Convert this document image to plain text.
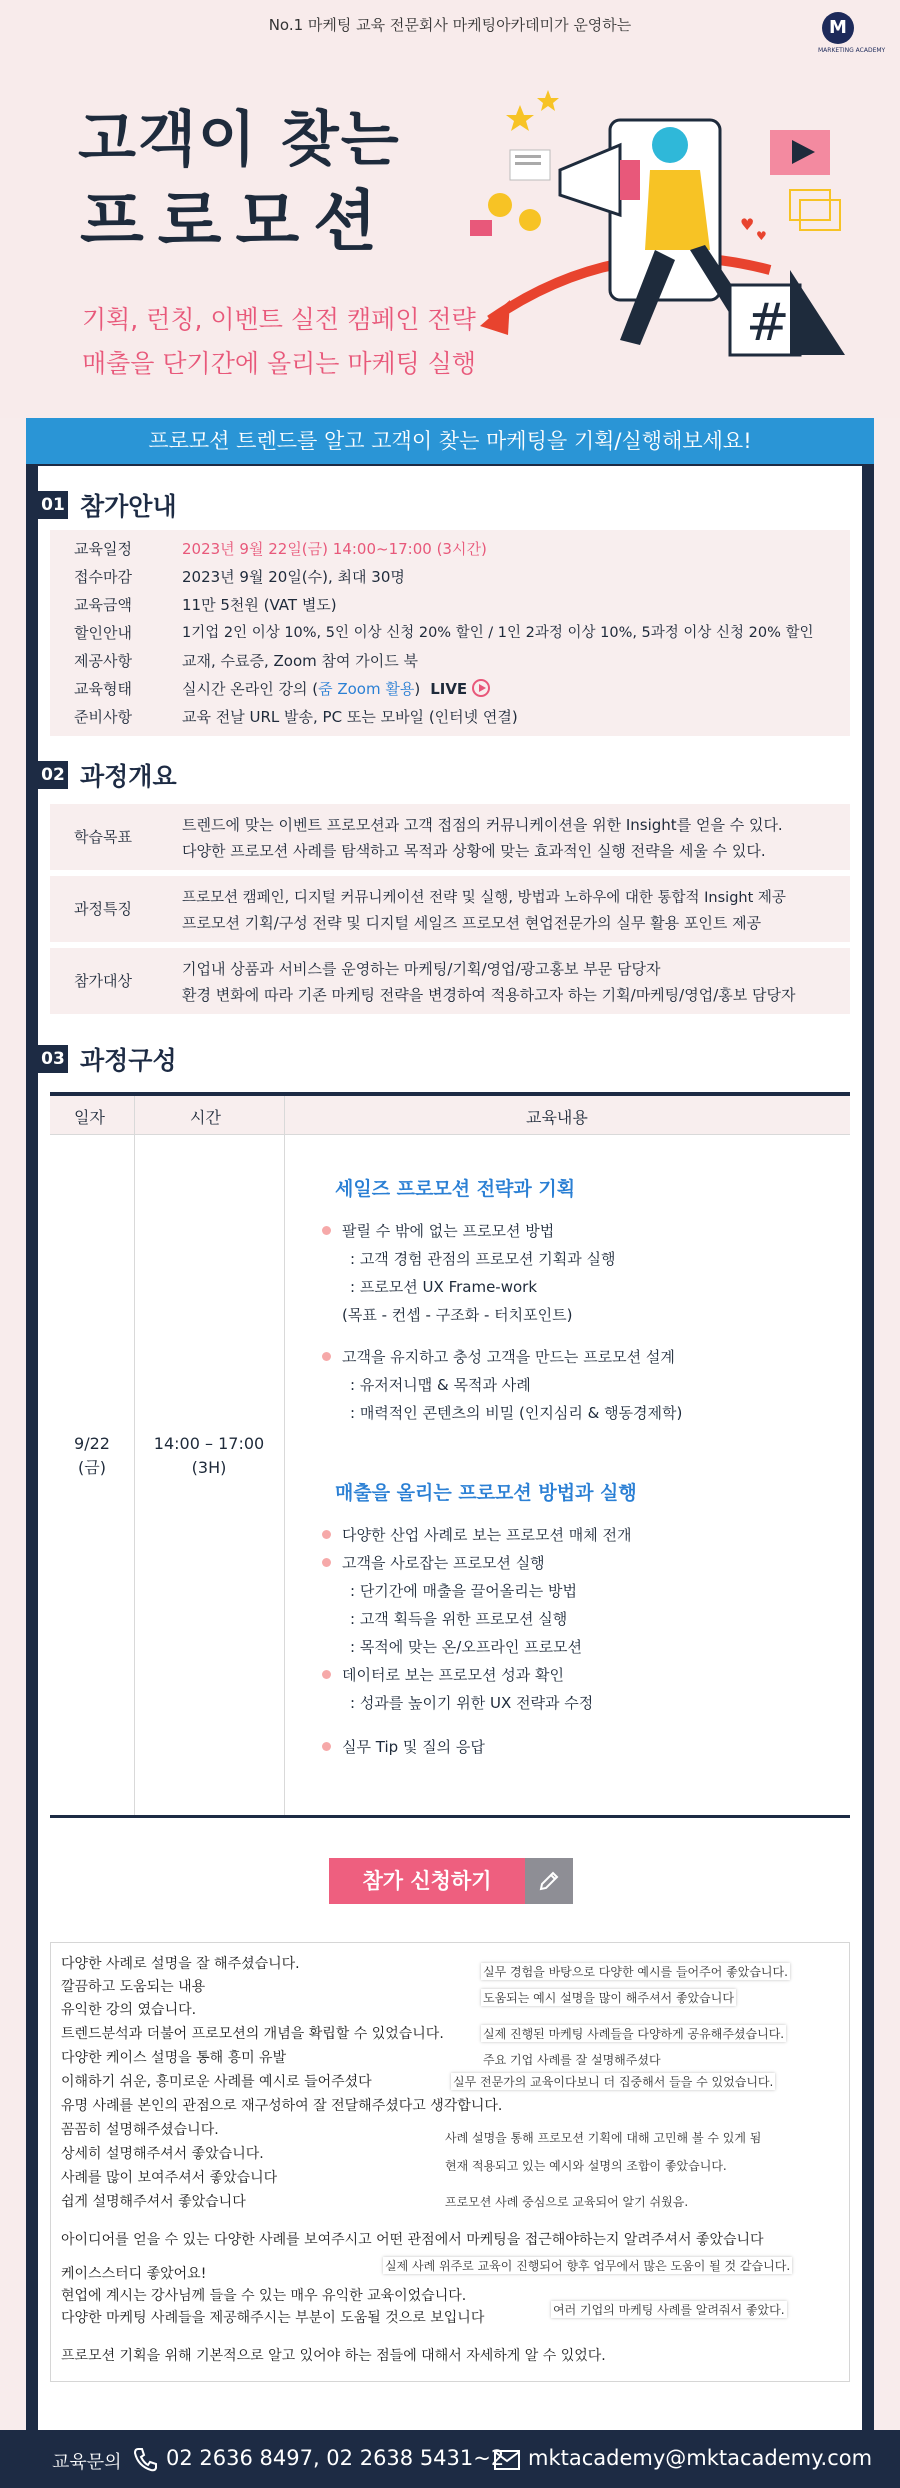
No.1 마케팅 교육 전문회사 마케팅아카데미가 운영하는	M
MARKETING ACADEMY
고객이 찾는
프로모션
기획, 런칭, 이벤트 실전 캠페인 전략
매출을 단기간에 올리는 마케팅 실행
♥
♥
#
프로모션 트렌드를 알고 고객이 찾는 마케팅을 기획/실행해보세요!
01 참가안내
교육일정	2023년 9월 22일(금) 14:00~17:00 (3시간)
접수마감	2023년 9월 20일(수), 최대 30명
교육금액	11만 5천원 (VAT 별도)
할인안내	1기업 2인 이상 10%, 5인 이상 신청 20% 할인 / 1인 2과정 이상 10%, 5과정 이상 신청 20% 할인
제공사항	교재, 수료증, Zoom 참여 가이드 북
교육형태	실시간 온라인 강의 (줌 Zoom 활용) LIVE
준비사항	교육 전날 URL 발송, PC 또는 모바일 (인터넷 연결)
02 과정개요
학습목표
트렌드에 맞는 이벤트 프로모션과 고객 접점의 커뮤니케이션을 위한 Insight를 얻을 수 있다.
다양한 프로모션 사례를 탐색하고 목적과 상황에 맞는 효과적인 실행 전략을 세울 수 있다.
과정특징
프로모션 캠페인, 디지털 커뮤니케이션 전략 및 실행, 방법과 노하우에 대한 통합적 Insight 제공
프로모션 기획/구성 전략 및 디지털 세일즈 프로모션 현업전문가의 실무 활용 포인트 제공
참가대상
기업내 상품과 서비스를 운영하는 마케팅/기획/영업/광고홍보 부문 담당자
환경 변화에 따라 기존 마케팅 전략을 변경하여 적용하고자 하는 기획/마케팅/영업/홍보 담당자
03 과정구성
일자	시간	교육내용
9/22
(금)
14:00 – 17:00
(3H)
세일즈 프로모션 전략과 기획
팔릴 수 밖에 없는 프로모션 방법
: 고객 경험 관점의 프로모션 기획과 실행
: 프로모션 UX Frame-work
(목표 - 컨셉 - 구조화 - 터치포인트)
고객을 유지하고 충성 고객을 만드는 프로모션 설계
: 유저저니맵 & 목적과 사례
: 매력적인 콘텐츠의 비밀 (인지심리 & 행동경제학)
매출을 올리는 프로모션 방법과 실행
다양한 산업 사례로 보는 프로모션 매체 전개
고객을 사로잡는 프로모션 실행
: 단기간에 매출을 끌어올리는 방법
: 고객 획득을 위한 프로모션 실행
: 목적에 맞는 온/오프라인 프로모션
데이터로 보는 프로모션 성과 확인
: 성과를 높이기 위한 UX 전략과 수정
실무 Tip 및 질의 응답
참가 신청하기
다양한 사례로 설명을 잘 해주셨습니다.	실무 경험을 바탕으로 다양한 예시를 들어주어 좋았습니다.
깔끔하고 도움되는 내용
도움되는 예시 설명을 많이 해주셔서 좋았습니다
유익한 강의 였습니다.
트렌드분석과 더불어 프로모션의 개념을 확립할 수 있었습니다.	실제 진행된 마케팅 사례들을 다양하게 공유해주셨습니다.
다양한 케이스 설명을 통해 흥미 유발	주요 기업 사례를 잘 설명해주셨다
이해하기 쉬운, 흥미로운 사례를 예시로 들어주셨다	실무 전문가의 교육이다보니 더 집중해서 들을 수 있었습니다.
유명 사례를 본인의 관점으로 재구성하여 잘 전달해주셨다고 생각합니다.
꼼꼼히 설명해주셨습니다.	사례 설명을 통해 프로모션 기획에 대해 고민해 볼 수 있게 됨
상세히 설명해주셔서 좋았습니다.
현재 적용되고 있는 예시와 설명의 조합이 좋았습니다.
사례를 많이 보여주셔서 좋았습니다
쉽게 설명해주셔서 좋았습니다	프로모션 사례 중심으로 교육되어 알기 쉬웠음.
아이디어를 얻을 수 있는 다양한 사례를 보여주시고 어떤 관점에서 마케팅을 접근해야하는지 알려주셔서 좋았습니다
실제 사례 위주로 교육이 진행되어 향후 업무에서 많은 도움이 될 것 같습니다.
케이스스터디 좋았어요!
현업에 계시는 강사님께 들을 수 있는 매우 유익한 교육이었습니다.
다양한 마케팅 사례들을 제공해주시는 부분이 도움될 것으로 보입니다	여러 기업의 마케팅 사례를 알려줘서 좋았다.
프로모션 기획을 위해 기본적으로 알고 있어야 하는 점들에 대해서 자세하게 알 수 있었다.
교육문의 02 2636 8497, 02 2638 5431~2 mktacademy@mktacademy.com
